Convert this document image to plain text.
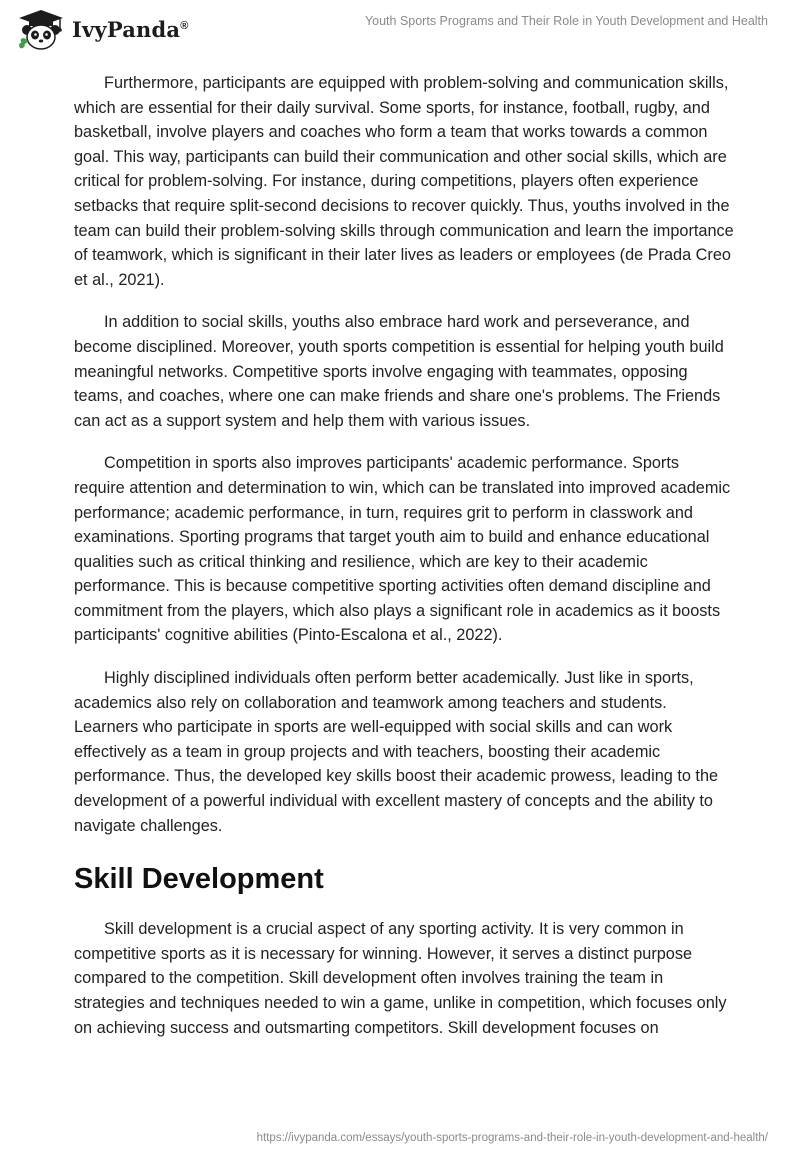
IvyPanda®	Youth Sports Programs and Their Role in Youth Development and Health

Furthermore, participants are equipped with problem-solving and communication skills, which are essential for their daily survival. Some sports, for instance, football, rugby, and basketball, involve players and coaches who form a team that works towards a common goal. This way, participants can build their communication and other social skills, which are critical for problem-solving. For instance, during competitions, players often experience setbacks that require split-second decisions to recover quickly. Thus, youths involved in the team can build their problem-solving skills through communication and learn the importance of teamwork, which is significant in their later lives as leaders or employees (de Prada Creo et al., 2021).

In addition to social skills, youths also embrace hard work and perseverance, and become disciplined. Moreover, youth sports competition is essential for helping youth build meaningful networks. Competitive sports involve engaging with teammates, opposing teams, and coaches, where one can make friends and share one's problems. The Friends can act as a support system and help them with various issues.

Competition in sports also improves participants' academic performance. Sports require attention and determination to win, which can be translated into improved academic performance; academic performance, in turn, requires grit to perform in classwork and examinations. Sporting programs that target youth aim to build and enhance educational qualities such as critical thinking and resilience, which are key to their academic performance. This is because competitive sporting activities often demand discipline and commitment from the players, which also plays a significant role in academics as it boosts participants' cognitive abilities (Pinto-Escalona et al., 2022).

Highly disciplined individuals often perform better academically. Just like in sports, academics also rely on collaboration and teamwork among teachers and students. Learners who participate in sports are well-equipped with social skills and can work effectively as a team in group projects and with teachers, boosting their academic performance. Thus, the developed key skills boost their academic prowess, leading to the development of a powerful individual with excellent mastery of concepts and the ability to navigate challenges.

Skill Development

Skill development is a crucial aspect of any sporting activity. It is very common in competitive sports as it is necessary for winning. However, it serves a distinct purpose compared to the competition. Skill development often involves training the team in strategies and techniques needed to win a game, unlike in competition, which focuses only on achieving success and outsmarting competitors. Skill development focuses on

https://ivypanda.com/essays/youth-sports-programs-and-their-role-in-youth-development-and-health/
